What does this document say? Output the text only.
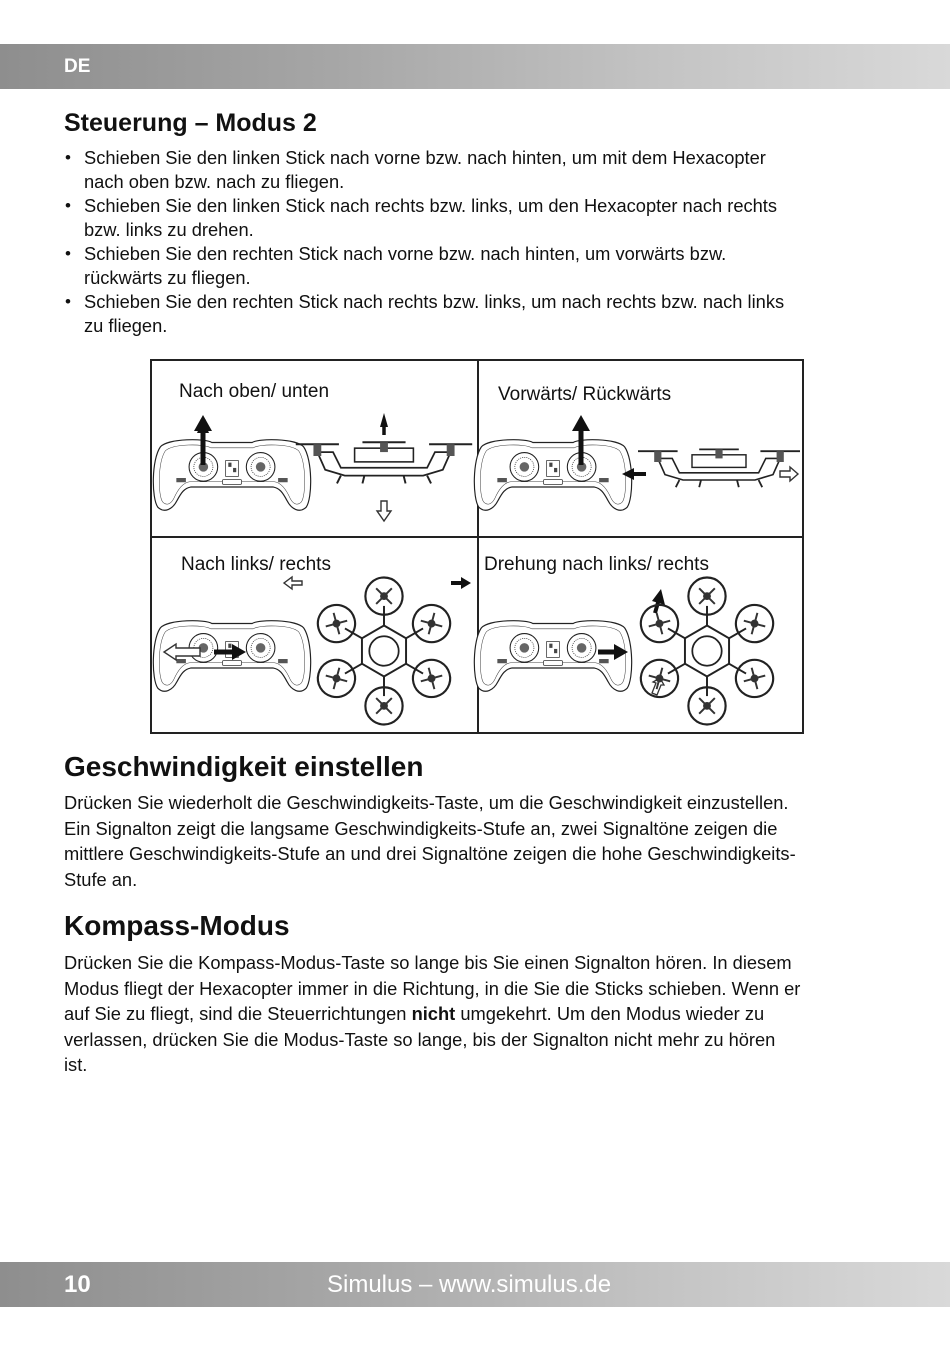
DE
Steuerung – Modus 2
• Schieben Sie den linken Stick nach vorne bzw. nach hinten, um mit dem Hexacopter
nach oben bzw. nach zu fliegen.
• Schieben Sie den linken Stick nach rechts bzw. links, um den Hexacopter nach rechts
bzw. links zu drehen.
• Schieben Sie den rechten Stick nach vorne bzw. nach hinten, um vorwärts bzw.
rückwärts zu fliegen.
• Schieben Sie den rechten Stick nach rechts bzw. links, um nach rechts bzw. nach links
zu fliegen.
Nach oben/ unten	Vorwärts/ Rückwärts
Nach links/ rechts	Drehung nach links/ rechts
Geschwindigkeit einstellen

Drücken Sie wiederholt die Geschwindigkeits-Taste, um die Geschwindigkeit einzustellen.
Ein Signalton zeigt die langsame Geschwindigkeits-Stufe an, zwei Signaltöne zeigen die
mittlere Geschwindigkeits-Stufe an und drei Signaltöne zeigen die hohe Geschwindigkeits-
Stufe an.

Kompass-Modus

Drücken Sie die Kompass-Modus-Taste so lange bis Sie einen Signalton hören. In diesem
Modus fliegt der Hexacopter immer in die Richtung, in die Sie die Sticks schieben. Wenn er
auf Sie zu fliegt, sind die Steuerrichtungen nicht umgekehrt. Um den Modus wieder zu
verlassen, drücken Sie die Modus-Taste so lange, bis der Signalton nicht mehr zu hören
ist.

10	Simulus – www.simulus.de
